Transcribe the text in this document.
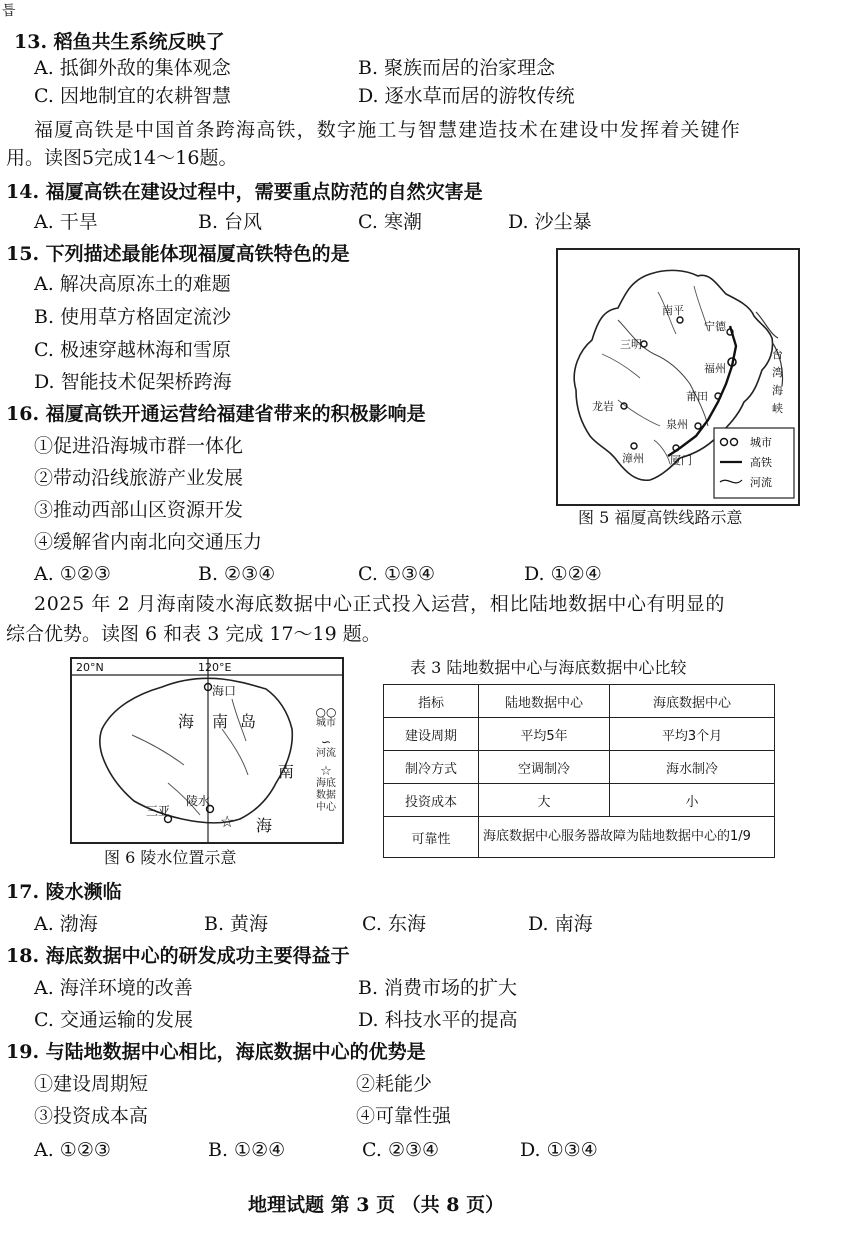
틉
13. 稻鱼共生系统反映了
A. 抵御外敌的集体观念	B. 聚族而居的治家理念
C. 因地制宜的农耕智慧	D. 逐水草而居的游牧传统
福厦高铁是中国首条跨海高铁，数字施工与智慧建造技术在建设中发挥着关键作
用。读图5完成14～16题。
14. 福厦高铁在建设过程中，需要重点防范的自然灾害是
A. 干旱	B. 台风	C. 寒潮	D. 沙尘暴
15. 下列描述最能体现福厦高铁特色的是
A. 解决高原冻土的难题
B. 使用草方格固定流沙
C. 极速穿越林海和雪原
D. 智能技术促架桥跨海
16. 福厦高铁开通运营给福建省带来的积极影响是
①促进沿海城市群一体化
②带动沿线旅游产业发展
③推动西部山区资源开发
④缓解省内南北向交通压力
A. ①②③	B. ②③④	C. ①③④	D. ①②④
南平
宁德
三明
福州
莆田
龙岩
泉州
漳州 厦门
台
湾
海
峡
城市
高铁
河流
图 5 福厦高铁线路示意
2025 年 2 月海南陵水海底数据中心正式投入运营，相比陆地数据中心有明显的
综合优势。读图 6 和表 3 完成 17～19 题。
☆
20°N	120°E
海口
海 南 岛
陵水
三亚
南
海
○○
城市
∽
河流
☆
海底
数据
中心
图 6 陵水位置示意
表 3 陆地数据中心与海底数据中心比较
指标	陆地数据中心	海底数据中心
建设周期	平均5年	平均3个月
制冷方式	空调制冷	海水制冷
投资成本	大	小
可靠性	海底数据中心服务器故障为陆地数据中心的1/9	
17. 陵水濒临
A. 渤海	B. 黄海	C. 东海	D. 南海
18. 海底数据中心的研发成功主要得益于
A. 海洋环境的改善	B. 消费市场的扩大
C. 交通运输的发展	D. 科技水平的提高
19. 与陆地数据中心相比，海底数据中心的优势是
①建设周期短	②耗能少
③投资成本高	④可靠性强
A. ①②③	B. ①②④	C. ②③④	D. ①③④
地理试题 第 3 页 （共 8 页）
